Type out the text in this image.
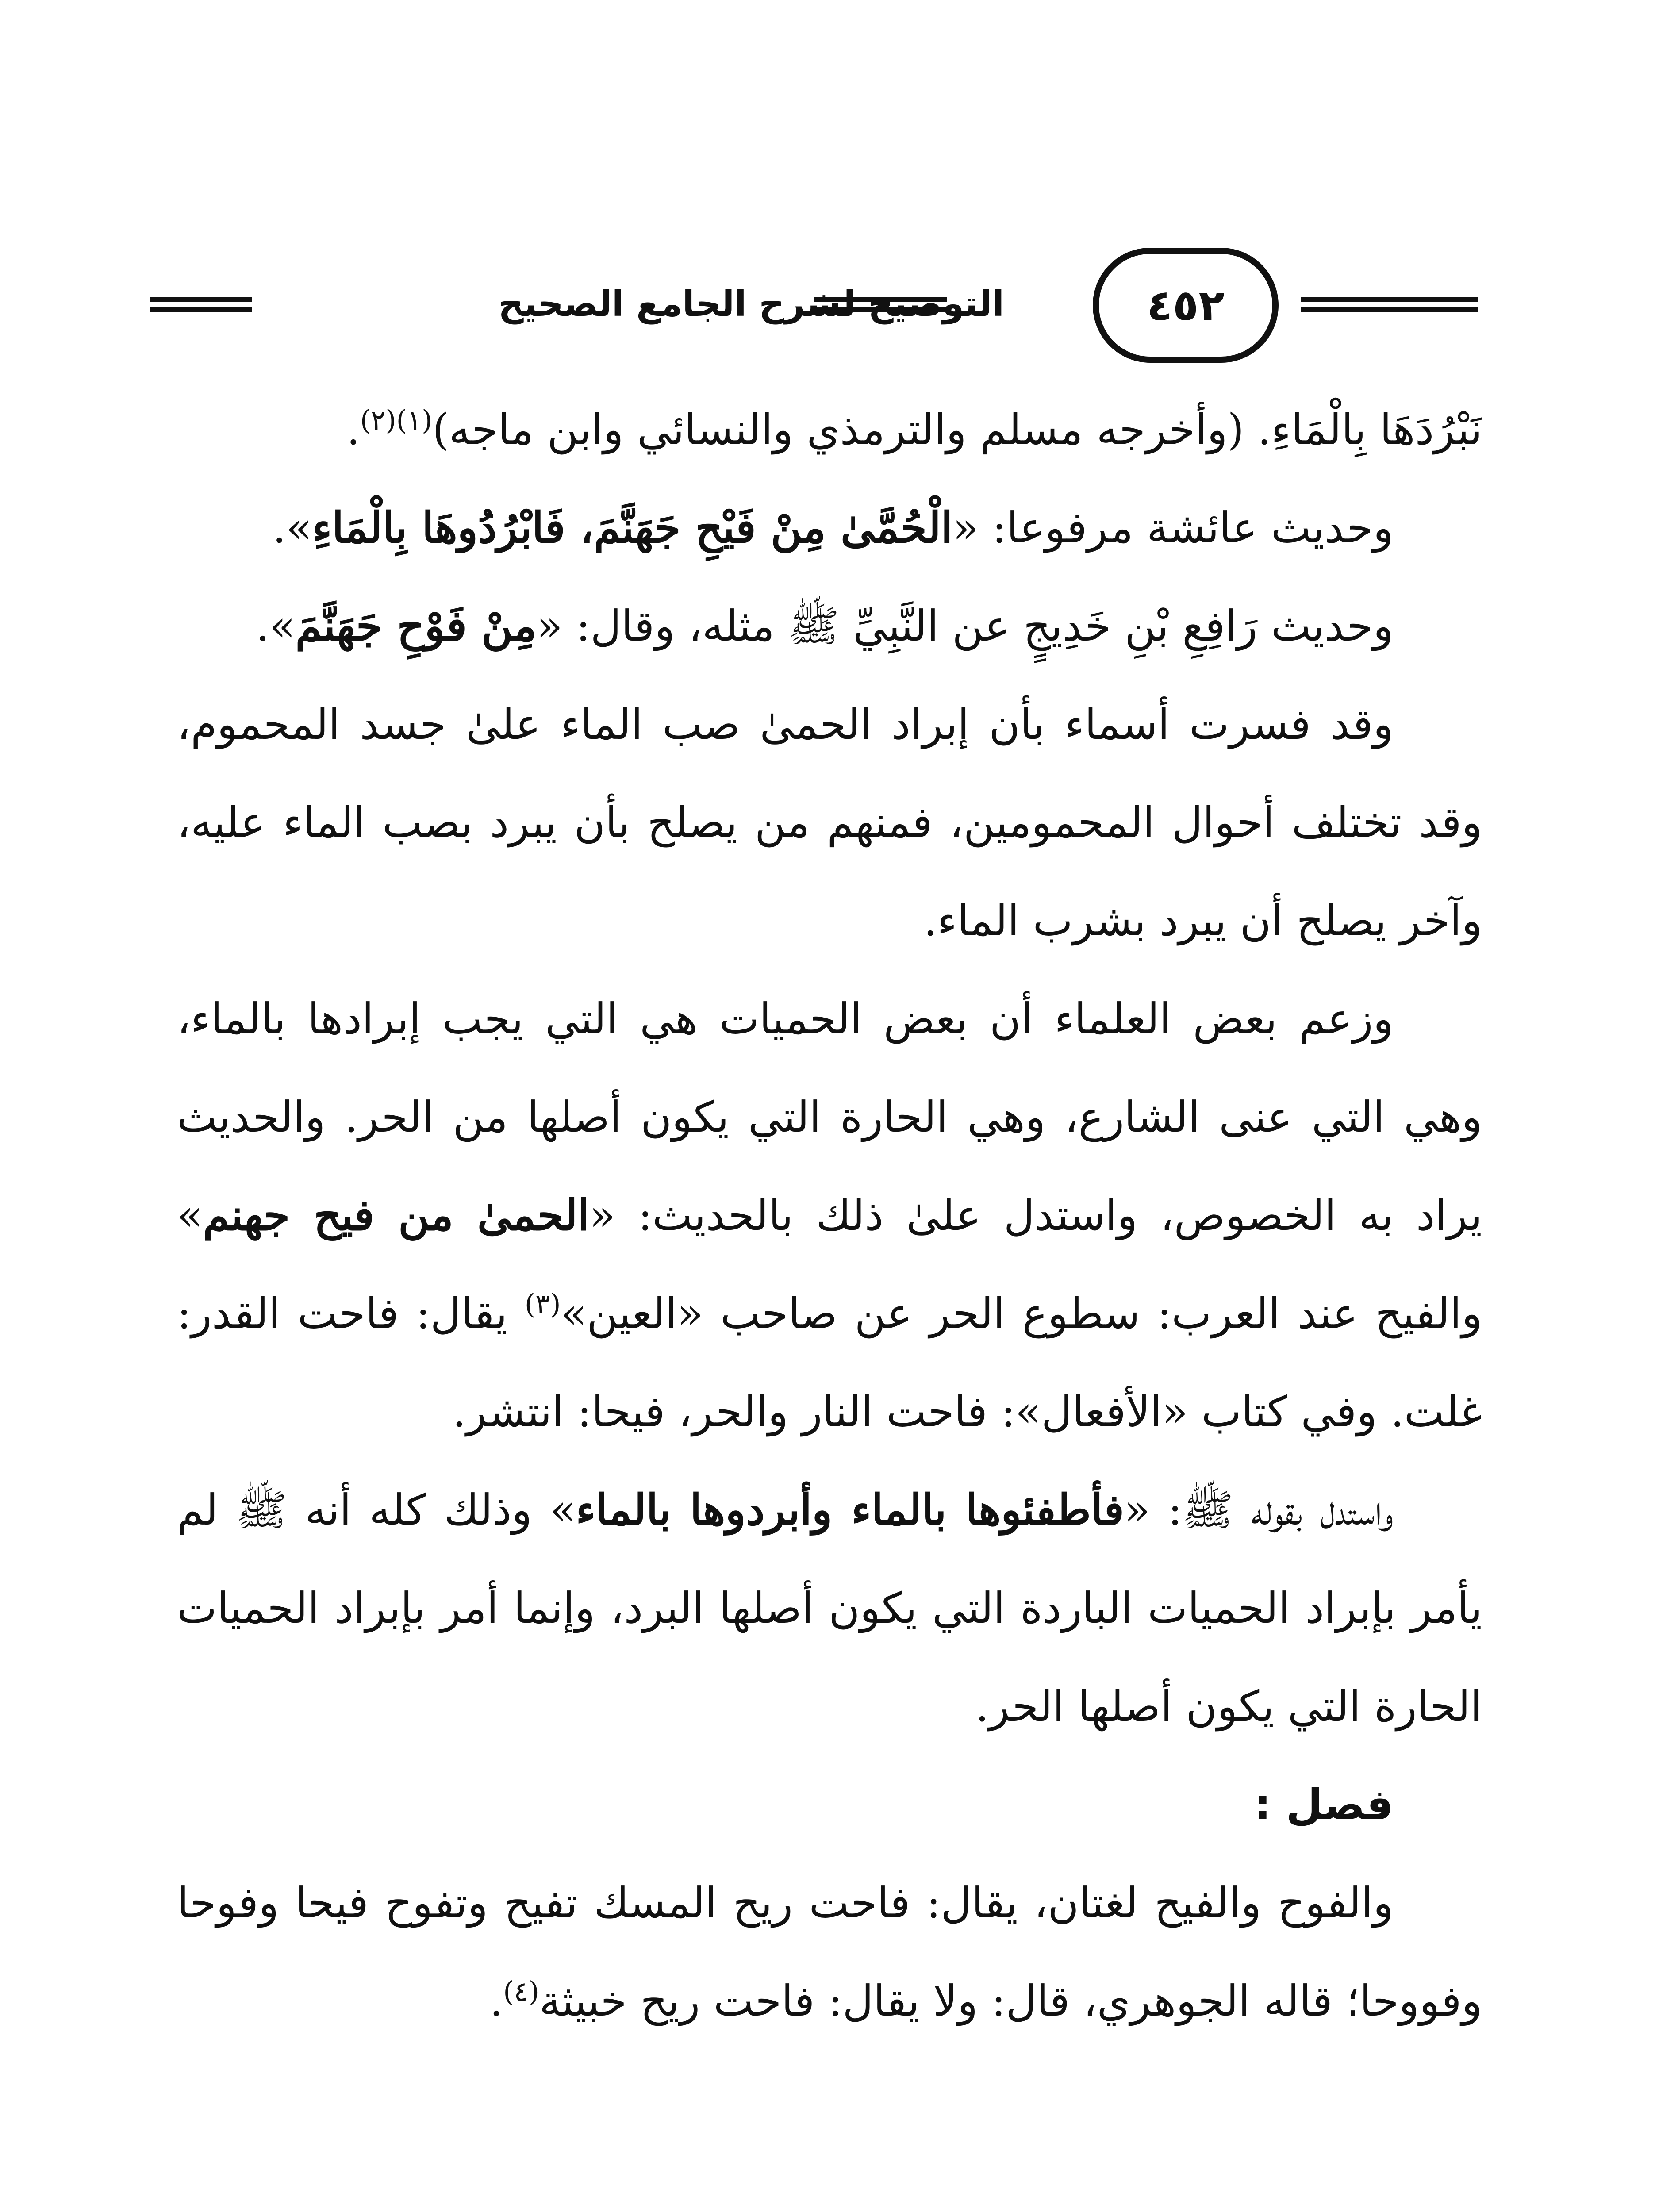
٤٥٢
التوضيح لشرح الجامع الصحيح

نَبْرُدَهَا بِالْمَاءِ. (وأخرجه مسلم والترمذي والنسائي وابن ماجه)$^{(١)(٢)}$.

وحديث عائشة مرفوعا: «الْحُمَّىٰ مِنْ فَيْحِ جَهَنَّمَ، فَابْرُدُوهَا بِالْمَاءِ».

وحديث رَافِعِ بْنِ خَدِيجٍ عن النَّبِيِّ ﷺ مثله، وقال: «مِنْ فَوْحِ جَهَنَّمَ».

وقد فسرت أسماء بأن إبراد الحمىٰ صب الماء علىٰ جسد المحموم، وقد تختلف أحوال المحمومين، فمنهم من يصلح بأن يبرد بصب الماء عليه، وآخر يصلح أن يبرد بشرب الماء.

وزعم بعض العلماء أن بعض الحميات هي التي يجب إبرادها بالماء، وهي التي عنى الشارع، وهي الحارة التي يكون أصلها من الحر. والحديث يراد به الخصوص، واستدل علىٰ ذلك بالحديث: «الحمىٰ من فيح جهنم» والفيح عند العرب: سطوع الحر عن صاحب «العين»$^{(٣)}$ يقال: فاحت القدر: غلت. وفي كتاب «الأفعال»: فاحت النار والحر، فيحا: انتشر.

واستدل بقوله ﷺ: «فأطفئوها بالماء وأبردوها بالماء» وذلك كله أنه ﷺ لم يأمر بإبراد الحميات الباردة التي يكون أصلها البرد، وإنما أمر بإبراد الحميات الحارة التي يكون أصلها الحر.

فصل :

والفوح والفيح لغتان، يقال: فاحت ريح المسك تفيح وتفوح فيحا وفوحا وفووحا؛ قاله الجوهري، قال: ولا يقال: فاحت ريح خبيثة$^{(٤)}$.
